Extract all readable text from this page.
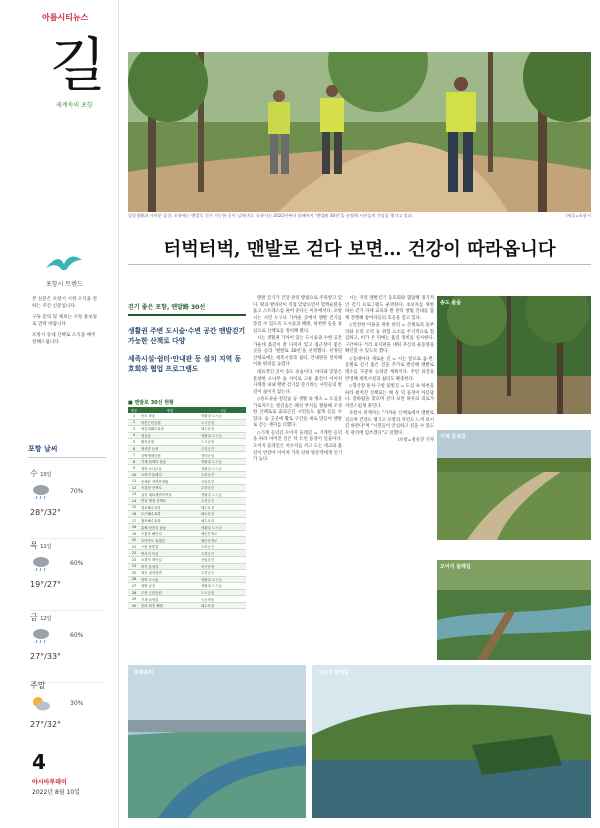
아름시티뉴스
길
세계속의 포항
포항시 트렌드

본 신문은 포항시 시정 소식을 전하는 주간 신문입니다.

구독 문의 및 제보는 시청 홍보실로 연락 바랍니다.

포항시 동네 산책로 소식을 매주 전해드립니다.

포항 날씨
수 10일
70%
28°/32°
목 11일
60%
19°/27°
금 12일
60%
27°/33°
주말
30%
27°/32°
4
아시아투데이
2022년 8월 10일
일상생활과 가까운 공간, 포항에는 맨발로 걷기 가능한 곳이 넘쳐난다. 포항시는 2022년부터 올해까지 '맨발產 30선'을 선정해 시민들의 건강을 챙기고 있다.	/제공=포항시
터벅터벅, 맨발로 걷다 보면… 건강이 따라옵니다
걷기 좋은 포항, 맨발路 30선
생활권 주변 도시숲·수변 공간 맨발걷기 가능한 산책로 다양
세족시설·쉼터·안내판 등 설치 지역 동호회와 협업 프로그램도
■ 맨발로 30선 현황
번호	명칭	구분
1	송도 솔숲	생활권 도시숲
2	학전근린공원	도시공원
3	영일대해수욕장	해수욕장
4	철길숲	생활권 도시숲
5	환호공원	도시공원
6	형산강 둔치	수변공간
7	중명생태공원	생태공원
8	기계 남계리 솔숲	생활권 도시숲
9	청하 소나무숲	생활권 도시숲
10	오어지 둘레길	수변공간
11	운제산 자연휴양림	산림휴양
12	곡강천 산책로	수변공간
13	효자 메타세쿼이아길	생활권 도시숲
14	연일 냉천 산책로	수변공간
15	칠포해수욕장	해수욕장
16	도구해수욕장	해수욕장
17	월포해수욕장	해수욕장
18	흥해 남송리 솔숲	생활권 도시숲
19	구룡포 해안길	해안산책로
20	호미반도 둘레길	해안산책로
21	구항 물빛길	수변공간
22	반곡지 둑길	수변공간
23	보경사 계곡길	산림휴양
24	장기 읍성길	역사탐방
25	대송 칠성천변	수변공간
26	양덕 도시숲	생활권 도시숲
27	장량 숲길	생활권 도시숲
28	우현 근린공원	도시공원
29	기계 들녘길	농촌체험
30	송라 화진 해변	해수욕장

맨발 걷기가 건강 관리 방법으로 주목받고 있다. 땅과 발바닥이 직접 맞닿으면서 혈액순환을 돕고 스트레스를 줄여 준다는 이유에서다. 포항시는 시민 누구나 가까운 곳에서 맨발 걷기를 즐길 수 있도록 도시숲과 해변, 하천변 등을 중심으로 산책로를 정비해 왔다.

시는 생활권 가까이 있는 도시숲과 수변 공간 가운데 흙길이 잘 다져져 있고 접근성이 좋은 곳을 골라 '맨발로 30선'을 선정했다. 선정된 산책로에는 세족시설과 쉼터, 안내판을 설치해 이용 편의를 높였다.

대표적인 곳이 송도 솔숲이다. 바다와 맞닿은 울창한 소나무 숲 사이로 고운 흙길이 이어져 사계절 내내 맨발 걷기를 즐기려는 시민들의 발길이 끊이지 않는다.

◇송도솔숲·철길숲 등 생활 속 명소 = 도심을 가로지르는 철길숲은 폐선 부지를 활용해 조성한 산책로로 출퇴근길 시민들도 쉽게 들를 수 있다. 숲 곳곳에 황토 구간을 새로 만들어 맨발로 걷는 재미를 더했다.

◇기계 들녘길·오어지 둘레길 = 기계면 들녘을 따라 이어진 길은 탁 트인 풍경이 일품이다. 오어지 둘레길은 저수지를 끼고 도는 데크와 흙길이 번갈아 이어져 가족 단위 방문객에게 인기가 높다.

시는 지역 맨발걷기 동호회와 협업해 정기적인 걷기 프로그램도 운영한다. 초보자를 위한 바른 걷기 자세 교육과 발 관리 방법 안내를 함께 진행해 참여자들의 호응을 얻고 있다.

◇안전한 이용을 위한 관리 = 산책로의 돌부리와 유리 조각 등 위험 요소를 주기적으로 점검하고, 비가 온 뒤에는 흙길 정비를 실시한다. 구간마다 거리 표지판을 세워 자신의 운동량을 확인할 수 있도록 했다.

◇동네마다 새로운 길 = 시는 앞으로 읍·면·동별로 걷기 좋은 길을 추가로 발굴해 맨발로 명소를 꾸준히 늘려갈 계획이다. 주민 의견을 반영해 세족시설과 쉼터도 확충한다.

◇형산강 둔치·구항 물빛길 = 도심 속 하천을 따라 펼쳐진 산책로는 해 질 녘 풍경이 아름답다. 강바람을 맞으며 걷다 보면 하루의 피로가 자연스럽게 풀린다.

포항시 관계자는 "가까운 산책로에서 맨발로 걸으며 건강도 챙기고 포항의 자연도 느껴 보시길 바란다"며 "시민들이 안심하고 걸을 수 있도록 관리에 힘쓰겠다"고 말했다.

/포항=정유진 기자

송도 솔숲
기계 들녘길
오어지 둘레길
포항운하	오어지 둘레길
